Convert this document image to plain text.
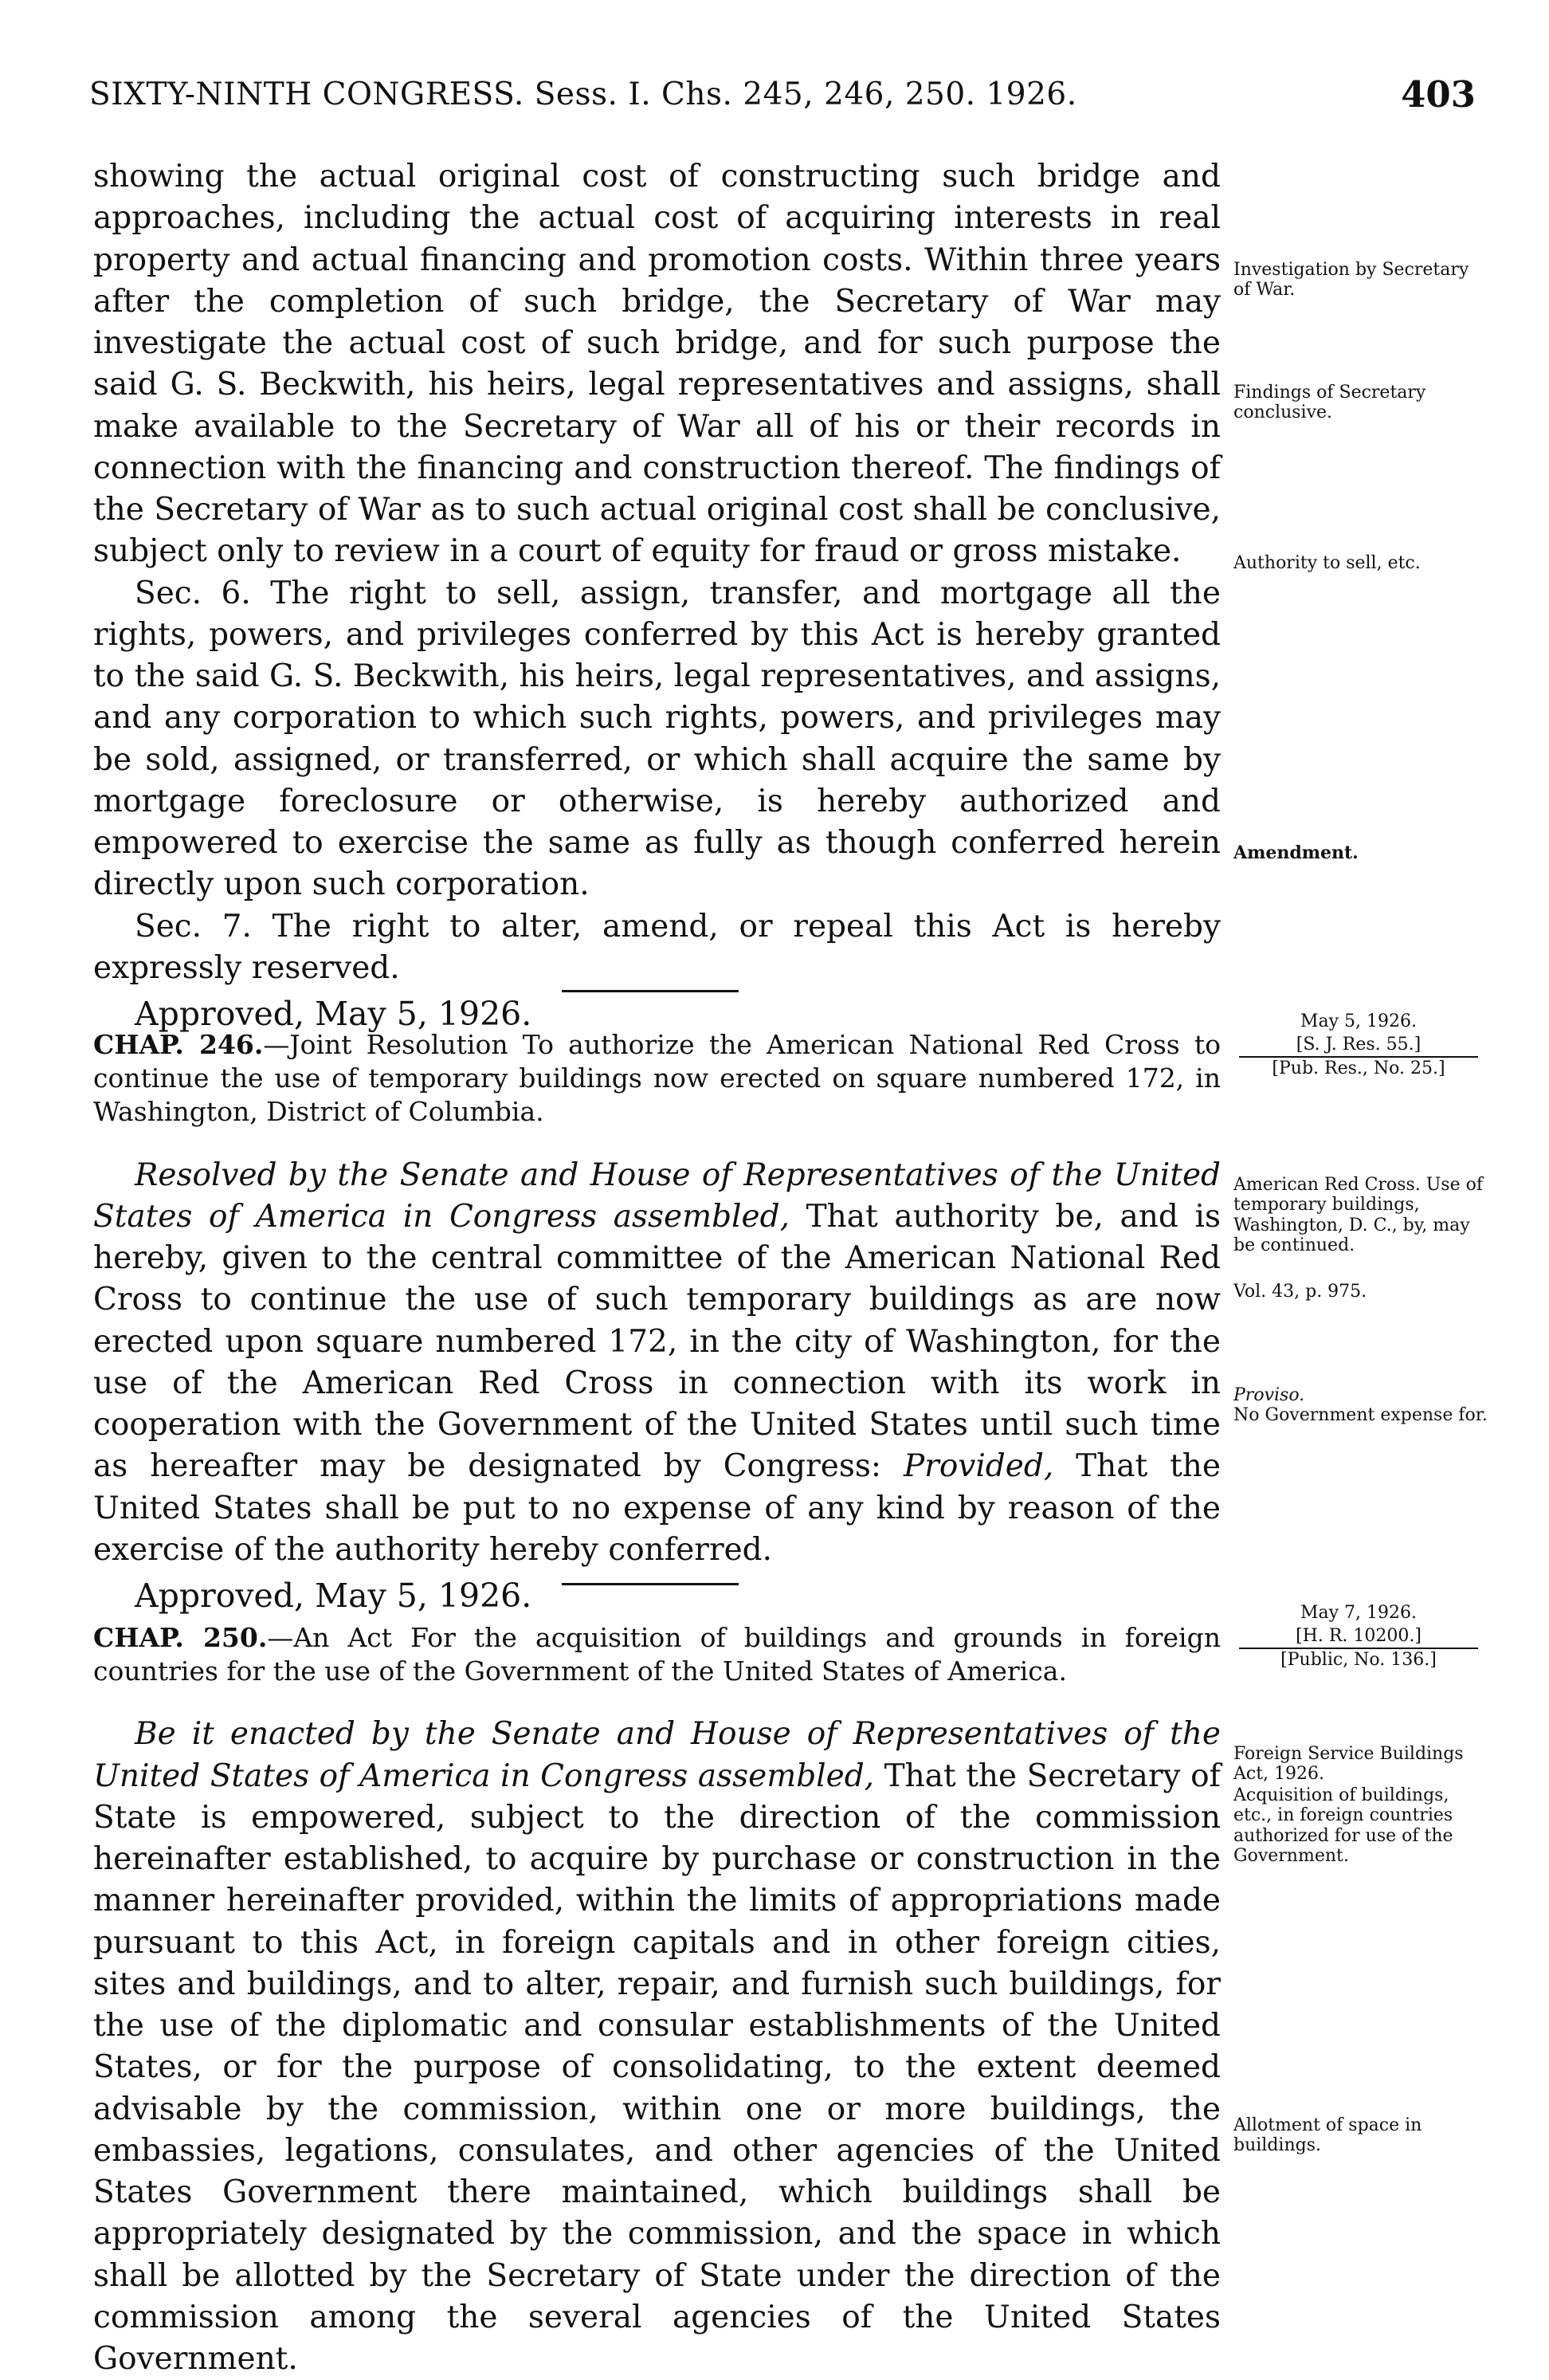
SIXTY-NINTH CONGRESS. Sess. I. Chs. 245, 246, 250. 1926.	403

showing the actual original cost of constructing such bridge and approaches, including the actual cost of acquiring interests in real property and actual financing and promotion costs. Within three years after the completion of such bridge, the Secretary of War may investigate the actual cost of such bridge, and for such purpose the said G. S. Beckwith, his heirs, legal representatives and assigns, shall make available to the Secretary of War all of his or their records in connection with the financing and construction thereof. The findings of the Secretary of War as to such actual original cost shall be conclusive, subject only to review in a court of equity for fraud or gross mistake.

Sec. 6. The right to sell, assign, transfer, and mortgage all the rights, powers, and privileges conferred by this Act is hereby granted to the said G. S. Beckwith, his heirs, legal representatives, and assigns, and any corporation to which such rights, powers, and privileges may be sold, assigned, or transferred, or which shall acquire the same by mortgage foreclosure or otherwise, is hereby authorized and empowered to exercise the same as fully as though conferred herein directly upon such corporation.

Sec. 7. The right to alter, amend, or repeal this Act is hereby expressly reserved.

Approved, May 5, 1926.

CHAP. 246.—Joint Resolution To authorize the American National Red Cross to continue the use of temporary buildings now erected on square numbered 172, in Washington, District of Columbia.

Resolved by the Senate and House of Representatives of the United States of America in Congress assembled, That authority be, and is hereby, given to the central committee of the American National Red Cross to continue the use of such temporary buildings as are now erected upon square numbered 172, in the city of Washington, for the use of the American Red Cross in connection with its work in cooperation with the Government of the United States until such time as hereafter may be designated by Congress: Provided, That the United States shall be put to no expense of any kind by reason of the exercise of the authority hereby conferred.

Approved, May 5, 1926.

CHAP. 250.—An Act For the acquisition of buildings and grounds in foreign countries for the use of the Government of the United States of America.

Be it enacted by the Senate and House of Representatives of the United States of America in Congress assembled, That the Secretary of State is empowered, subject to the direction of the commission hereinafter established, to acquire by purchase or construction in the manner hereinafter provided, within the limits of appropriations made pursuant to this Act, in foreign capitals and in other foreign cities, sites and buildings, and to alter, repair, and furnish such buildings, for the use of the diplomatic and consular establishments of the United States, or for the purpose of consolidating, to the extent deemed advisable by the commission, within one or more buildings, the embassies, legations, consulates, and other agencies of the United States Government there maintained, which buildings shall be appropriately designated by the commission, and the space in which shall be allotted by the Secretary of State under the direction of the commission among the several agencies of the United States Government.

Investigation by Secretary of War.

Findings of Secretary conclusive.

Authority to sell, etc.

Amendment.

May 5, 1926.
[S. J. Res. 55.]
[Pub. Res., No. 25.]

American Red Cross. Use of temporary buildings, Washington, D. C., by, may be continued.

Vol. 43, p. 975.

Proviso.
No Government expense for.

May 7, 1926.
[H. R. 10200.]
[Public, No. 136.]

Foreign Service Buildings Act, 1926.

Acquisition of buildings, etc., in foreign countries authorized for use of the Government.

Allotment of space in buildings.
